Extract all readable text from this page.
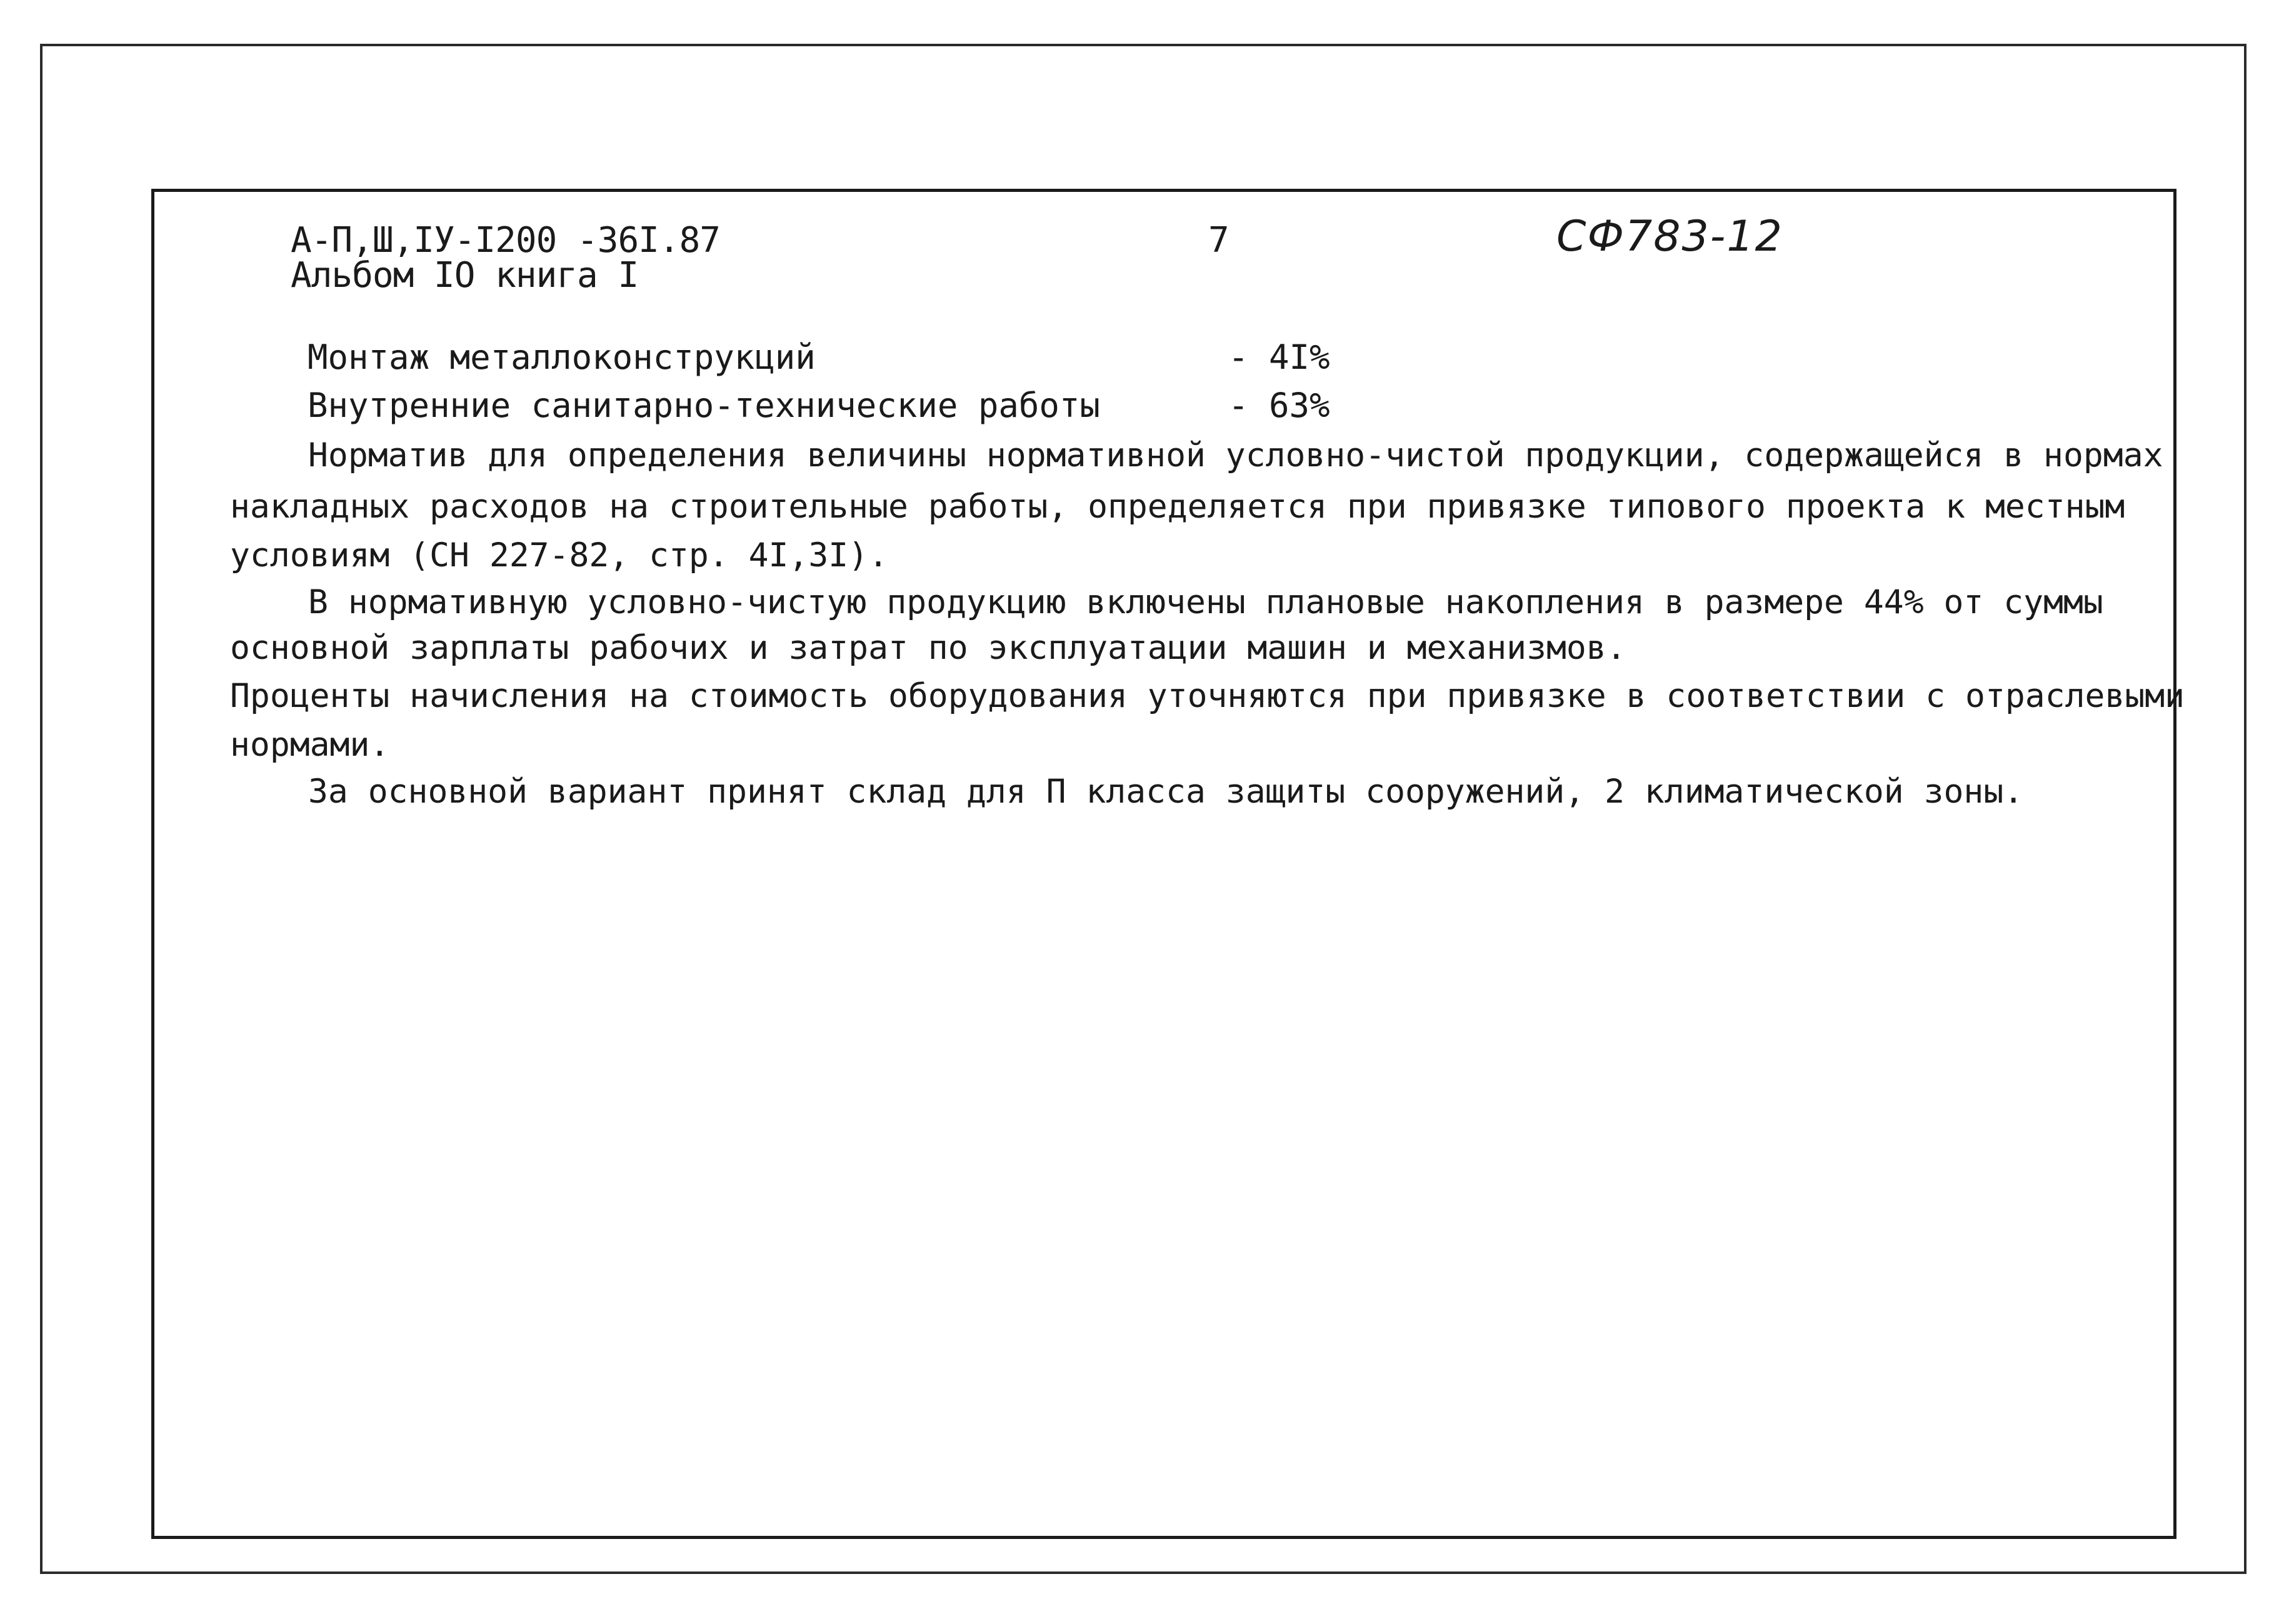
А-П,Ш,IУ-I200 -36I.87
Альбом IO книга I
7	СФ783-12
Монтаж металлоконструкций	- 4I%
Внутренние санитарно-технические работы	- 63%
Норматив для определения величины нормативной условно-чистой продукции, содержащейся в нормах
накладных расходов на строительные работы, определяется при привязке типового проекта к местным
условиям (СН 227-82, стр. 4I,3I).
В нормативную условно-чистую продукцию включены плановые накопления в размере 44% от суммы
основной зарплаты рабочих и затрат по эксплуатации машин и механизмов.
Проценты начисления на стоимость оборудования уточняются при привязке в соответствии с отраслевыми
нормами.
За основной вариант принят склад для П класса защиты сооружений, 2 климатической зоны.
